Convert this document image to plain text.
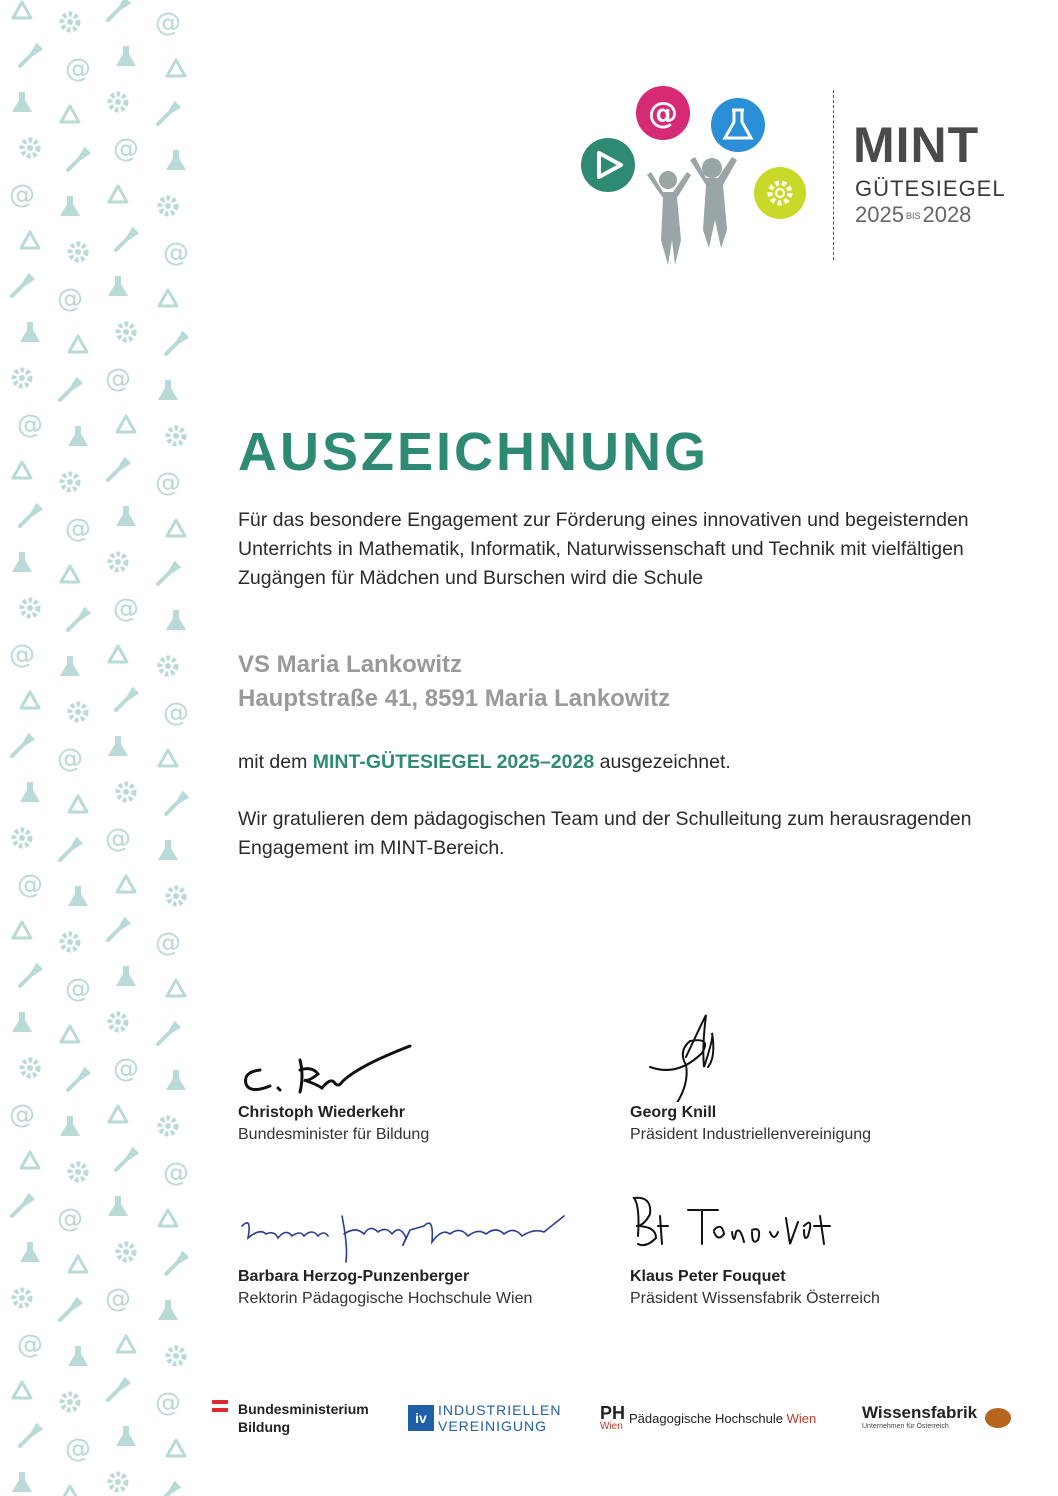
@
@
@
@
@
@
@
@
@
@
@
@
@
@
@
@
@
@
@
@
@
@
@
@
@
@
@
MINT
GÜTESIEGEL
2025 BIS2028
AUSZEICHNUNG

Für das besondere Engagement zur Förderung eines innovativen und begeisternden Unterrichts in Mathematik, Informatik, Naturwissenschaft und Technik mit vielfältigen Zugängen für Mädchen und Burschen wird die Schule

VS Maria Lankowitz
Hauptstraße 41, 8591 Maria Lankowitz

mit dem MINT-GÜTESIEGEL 2025–2028 ausgezeichnet.

Wir gratulieren dem pädagogischen Team und der Schulleitung zum herausragenden Engagement im MINT-Bereich.

Christoph Wiederkehr
Bundesminister für Bildung
Georg Knill
Präsident Industriellenvereinigung
Barbara Herzog-Punzenberger
Rektorin Pädagogische Hochschule Wien
Klaus Peter Fouquet
Präsident Wissensfabrik Österreich
Bundesministerium
Bildung
iv INDUSTRIELLEN
VEREINIGUNG
PH
Wien
Pädagogische Hochschule Wien	Wissensfabrik
Unternehmen für Österreich
